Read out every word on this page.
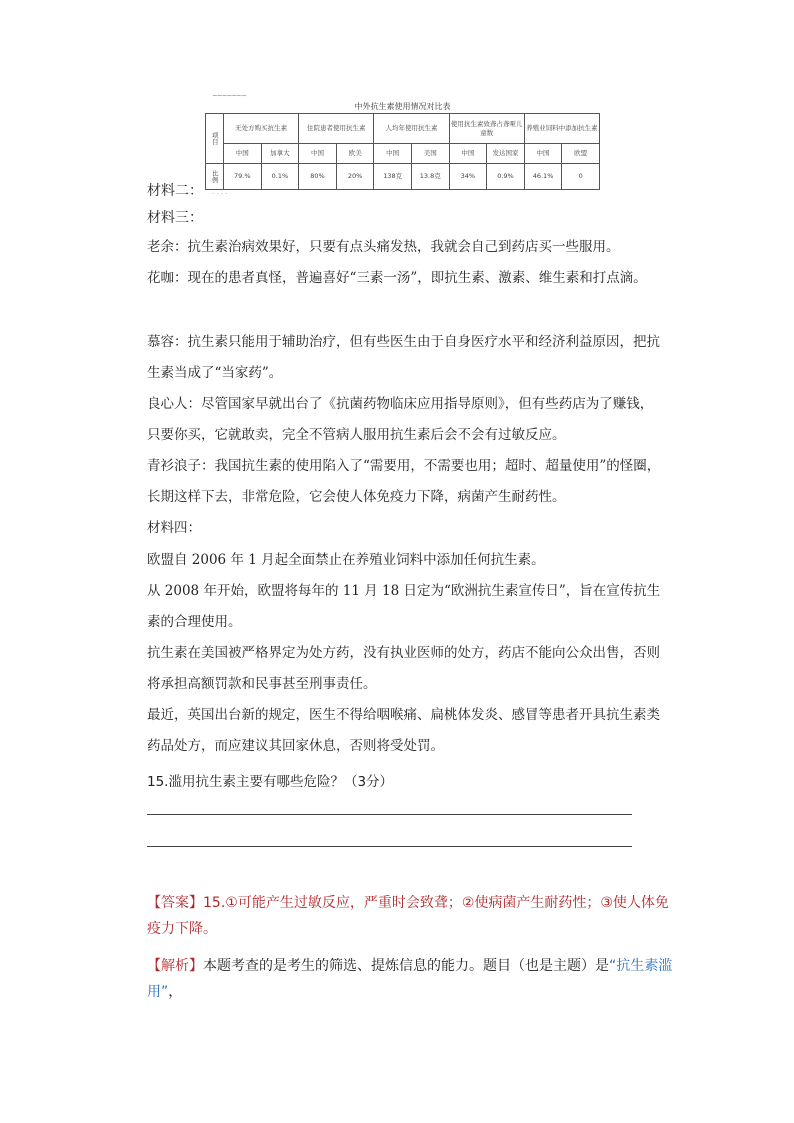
~~~~~~~
中外抗生素使用情况对比表
项目	无处方购买抗生素		住院患者使用抗生素		人均年使用抗生素		使用抗生素致聋占聋哑儿童数		养殖业饲料中添加抗生素	
	中国	加拿大	中国	欧美	中国	美国	中国	发达国家	中国	欧盟
比例	79.%	0.1%	80%	20%	138克	13.8克	34%	0.9%	46.1%	0
· · · ·
材料二：
材料三：
老余：抗生素治病效果好，只要有点头痛发热，我就会自己到药店买一些服用。
花咖：现在的患者真怪，普遍喜好“三素一汤”，即抗生素、激素、维生素和打点滴。
慕容：抗生素只能用于辅助治疗，但有些医生由于自身医疗水平和经济利益原因，把抗
生素当成了“当家药”。
良心人：尽管国家早就出台了《抗菌药物临床应用指导原则》，但有些药店为了赚钱，
只要你买，它就敢卖，完全不管病人服用抗生素后会不会有过敏反应。
青衫浪子：我国抗生素的使用陷入了“需要用，不需要也用；超时、超量使用”的怪圈，
长期这样下去，非常危险，它会使人体免疫力下降，病菌产生耐药性。
材料四：
欧盟自 2006 年 1 月起全面禁止在养殖业饲料中添加任何抗生素。
从 2008 年开始，欧盟将每年的 11 月 18 日定为“欧洲抗生素宣传日”，旨在宣传抗生
素的合理使用。
抗生素在美国被严格界定为处方药，没有执业医师的处方，药店不能向公众出售，否则
将承担高额罚款和民事甚至刑事责任。
最近，英国出台新的规定，医生不得给咽喉痛、扁桃体发炎、感冒等患者开具抗生素类
药品处方，而应建议其回家休息，否则将受处罚。
15.滥用抗生素主要有哪些危险？（3分）
【答案】15.①可能产生过敏反应，严重时会致聋；②使病菌产生耐药性；③使人体免
疫力下降。
【解析】本题考查的是考生的筛选、提炼信息的能力。题目（也是主题）是“抗生素滥
用”，
